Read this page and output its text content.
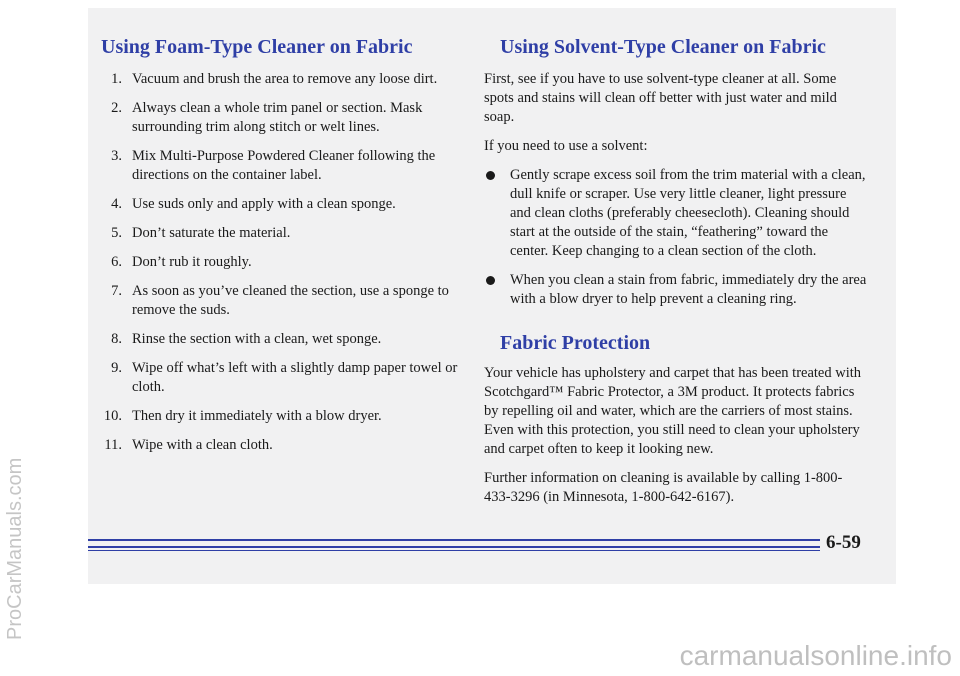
Using Foam-Type Cleaner on Fabric
1. Vacuum and brush the area to remove any loose dirt.
2. Always clean a whole trim panel or section. Mask surrounding trim along stitch or welt lines.
3. Mix Multi-Purpose Powdered Cleaner following the directions on the container label.
4. Use suds only and apply with a clean sponge.
5. Don’t saturate the material.
6. Don’t rub it roughly.
7. As soon as you’ve cleaned the section, use a sponge to remove the suds.
8. Rinse the section with a clean, wet sponge.
9. Wipe off what’s left with a slightly damp paper towel or cloth.
10. Then dry it immediately with a blow dryer.
11. Wipe with a clean cloth.
Using Solvent-Type Cleaner on Fabric

First, see if you have to use solvent-type cleaner at all. Some spots and stains will clean off better with just water and mild soap.

If you need to use a solvent:

Gently scrape excess soil from the trim material with a clean, dull knife or scraper. Use very little cleaner, light pressure and clean cloths (preferably cheesecloth). Cleaning should start at the outside of the stain, “feathering” toward the center. Keep changing to a clean section of the cloth.
When you clean a stain from fabric, immediately dry the area with a blow dryer to help prevent a cleaning ring.
Fabric Protection

Your vehicle has upholstery and carpet that has been treated with Scotchgard™ Fabric Protector, a 3M product. It protects fabrics by repelling oil and water, which are the carriers of most stains. Even with this protection, you still need to clean your upholstery and carpet often to keep it looking new.

Further information on cleaning is available by calling 1-800-433-3296 (in Minnesota, 1-800-642-6167).

6-59
ProCarManuals.com
carmanualsonline.info
